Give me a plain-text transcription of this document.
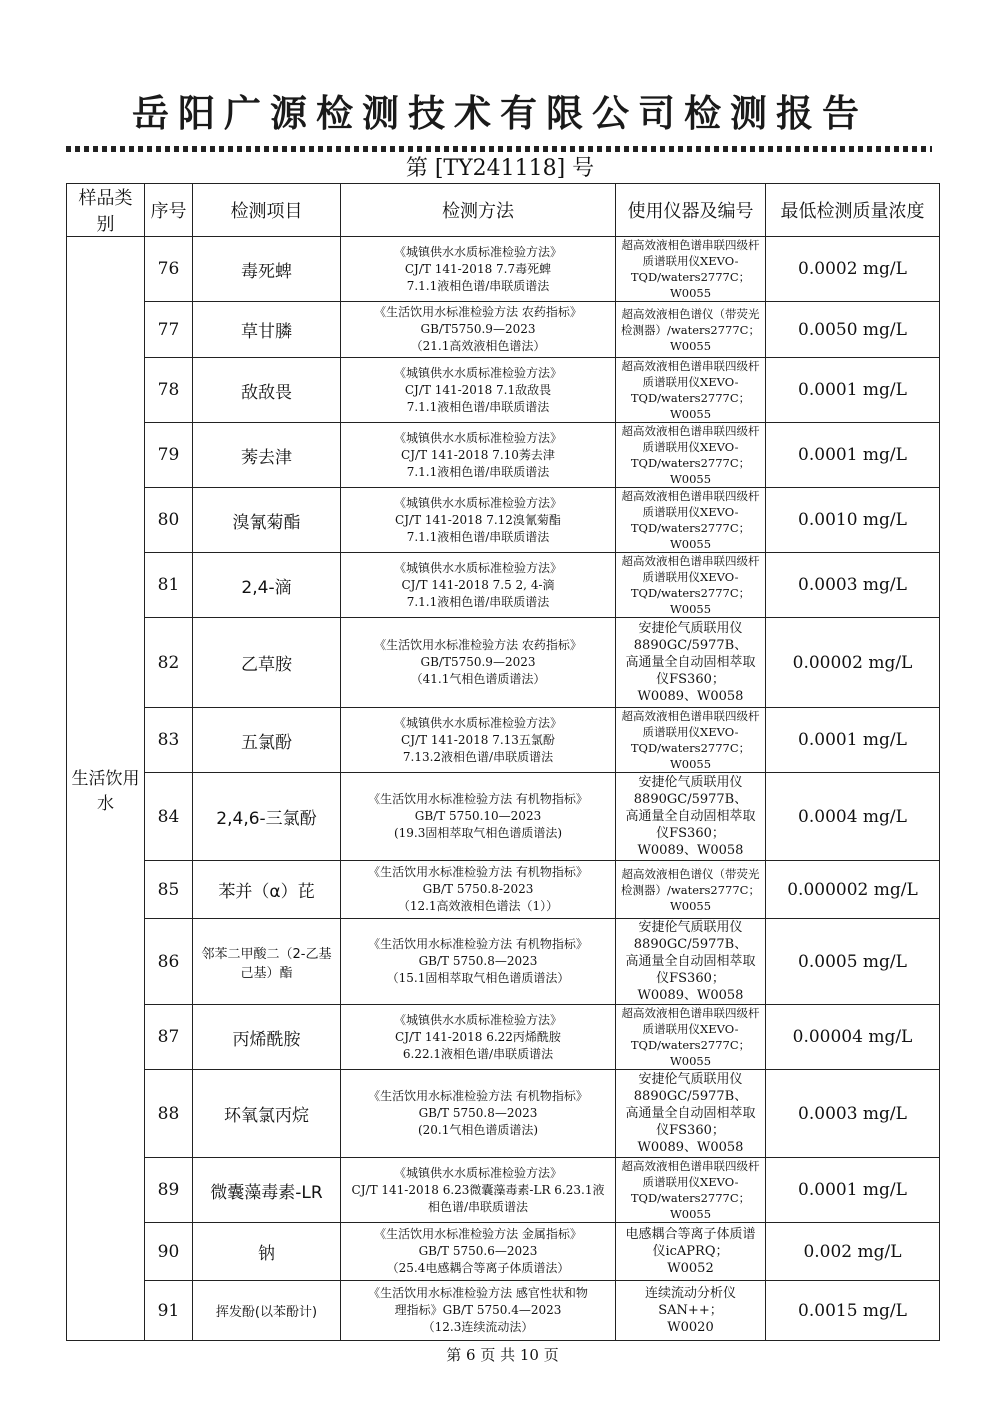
岳阳广源检测技术有限公司检测报告
第 [TY241118] 号
样品类别	序号	检测项目	检测方法	使用仪器及编号	最低检测质量浓度
生活饮用水	76	毒死蜱	《城镇供水水质标准检验方法》
CJ/T 141-2018 7.7毒死蜱
7.1.1液相色谱/串联质谱法	超高效液相色谱串联四级杆
质谱联用仪XEVO-
TQD/waters2777C；W0055	0.0002 mg/L
	77	草甘膦	《生活饮用水标准检验方法 农药指标》
GB/T5750.9—2023
（21.1高效液相色谱法）	超高效液相色谱仪（带荧光
检测器）/waters2777C；
W0055	0.0050 mg/L
	78	敌敌畏	《城镇供水水质标准检验方法》
CJ/T 141-2018 7.1敌敌畏
7.1.1液相色谱/串联质谱法	超高效液相色谱串联四级杆
质谱联用仪XEVO-
TQD/waters2777C；W0055	0.0001 mg/L
	79	莠去津	《城镇供水水质标准检验方法》
CJ/T 141-2018 7.10莠去津
7.1.1液相色谱/串联质谱法	超高效液相色谱串联四级杆
质谱联用仪XEVO-
TQD/waters2777C；W0055	0.0001 mg/L
	80	溴氰菊酯	《城镇供水水质标准检验方法》
CJ/T 141-2018 7.12溴氰菊酯
7.1.1液相色谱/串联质谱法	超高效液相色谱串联四级杆
质谱联用仪XEVO-
TQD/waters2777C；W0055	0.0010 mg/L
	81	2,4-滴	《城镇供水水质标准检验方法》
CJ/T 141-2018 7.5 2, 4-滴
7.1.1液相色谱/串联质谱法	超高效液相色谱串联四级杆
质谱联用仪XEVO-
TQD/waters2777C；W0055	0.0003 mg/L
	82	乙草胺	《生活饮用水标准检验方法 农药指标》
GB/T5750.9—2023
（41.1气相色谱质谱法）	安捷伦气质联用仪
8890GC/5977B、
高通量全自动固相萃取
仪FS360；
W0089、W0058	0.00002 mg/L
	83	五氯酚	《城镇供水水质标准检验方法》
CJ/T 141-2018 7.13五氯酚
7.13.2液相色谱/串联质谱法	超高效液相色谱串联四级杆
质谱联用仪XEVO-
TQD/waters2777C；W0055	0.0001 mg/L
	84	2,4,6-三氯酚	《生活饮用水标准检验方法 有机物指标》
GB/T 5750.10—2023
(19.3固相萃取气相色谱质谱法)	安捷伦气质联用仪
8890GC/5977B、
高通量全自动固相萃取
仪FS360；
W0089、W0058	0.0004 mg/L
	85	苯并（α）芘	《生活饮用水标准检验方法 有机物指标》
GB/T 5750.8-2023
（12.1高效液相色谱法（1））	超高效液相色谱仪（带荧光
检测器）/waters2777C；
W0055	0.000002 mg/L
	86	邻苯二甲酸二（2-乙基己基）酯	《生活饮用水标准检验方法 有机物指标》
GB/T 5750.8—2023
（15.1固相萃取气相色谱质谱法）	安捷伦气质联用仪
8890GC/5977B、
高通量全自动固相萃取
仪FS360；
W0089、W0058	0.0005 mg/L
	87	丙烯酰胺	《城镇供水水质标准检验方法》
CJ/T 141-2018 6.22丙烯酰胺
6.22.1液相色谱/串联质谱法	超高效液相色谱串联四级杆
质谱联用仪XEVO-
TQD/waters2777C；W0055	0.00004 mg/L
	88	环氧氯丙烷	《生活饮用水标准检验方法 有机物指标》
GB/T 5750.8—2023
(20.1气相色谱质谱法)	安捷伦气质联用仪
8890GC/5977B、
高通量全自动固相萃取
仪FS360；
W0089、W0058	0.0003 mg/L
	89	微囊藻毒素-LR	《城镇供水水质标准检验方法》
CJ/T 141-2018 6.23微囊藻毒素-LR 6.23.1液
相色谱/串联质谱法	超高效液相色谱串联四级杆
质谱联用仪XEVO-
TQD/waters2777C；W0055	0.0001 mg/L
	90	钠	《生活饮用水标准检验方法 金属指标》
GB/T 5750.6—2023
（25.4电感耦合等离子体质谱法）	电感耦合等离子体质谱
仪icAPRQ；
W0052	0.002 mg/L
	91	挥发酚(以苯酚计)	《生活饮用水标准检验方法 感官性状和物
理指标》GB/T 5750.4—2023
（12.3连续流动法）	连续流动分析仪
SAN++；
W0020	0.0015 mg/L
第 6 页 共 10 页
